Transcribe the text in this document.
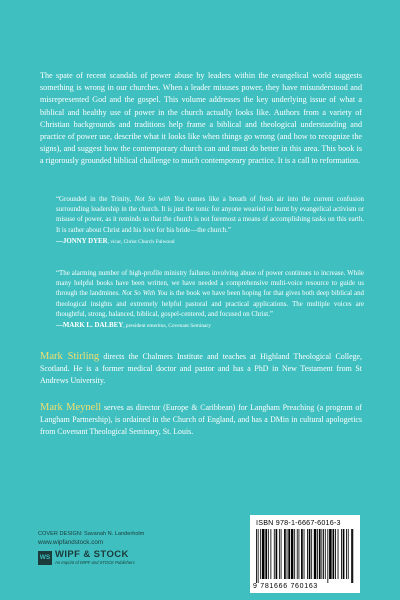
The spate of recent scandals of power abuse by leaders within the evangelical world suggests something is wrong in our churches. When a leader misuses power, they have misunderstood and misrepresented God and the gospel. This volume addresses the key underlying issue of what a biblical and healthy use of power in the church actually looks like. Authors from a variety of Christian backgrounds and traditions help frame a biblical and theological understanding and practice of power use, describe what it looks like when things go wrong (and how to recognize the signs), and suggest how the contemporary church can and must do better in this area. This book is a rigorously grounded biblical challenge to much contemporary practice. It is a call to reformation.
“Grounded in the Trinity, Not So with You comes like a breath of fresh air into the current confusion surrounding leadership in the church. It is just the tonic for anyone wearied or burnt by evangelical activism or misuse of power, as it reminds us that the church is not foremost a means of accomplishing tasks on this earth. It is rather about Christ and his love for his bride—the church.”
—JONNY DYER, vicar, Christ Church Fulwood
“The alarming number of high-profile ministry failures involving abuse of power continues to increase. While many helpful books have been written, we have needed a comprehensive multi-voice resource to guide us through the landmines. Not So With You is the book we have been hoping for that gives both deep biblical and theological insights and extremely helpful pastoral and practical applications. The multiple voices are thoughtful, strong, balanced, biblical, gospel-centered, and focused on Christ.”
—MARK L. DALBEY, president emeritus, Covenant Seminary
Mark Stirling directs the Chalmers Institute and teaches at Highland Theological College, Scotland. He is a former medical doctor and pastor and has a PhD in New Testament from St Andrews University.
Mark Meynell serves as director (Europe & Caribbean) for Langham Preaching (a program of Langham Partnership), is ordained in the Church of England, and has a DMin in cultural apologetics from Covenant Theological Seminary, St. Louis.
COVER DESIGN: Savanah N. Landerholm
www.wipfandstock.com
WS WIPF & STOCK
An Imprint of WIPF and STOCK Publishers
ISBN 978-1-6667-6016-3
9 781666 760163
